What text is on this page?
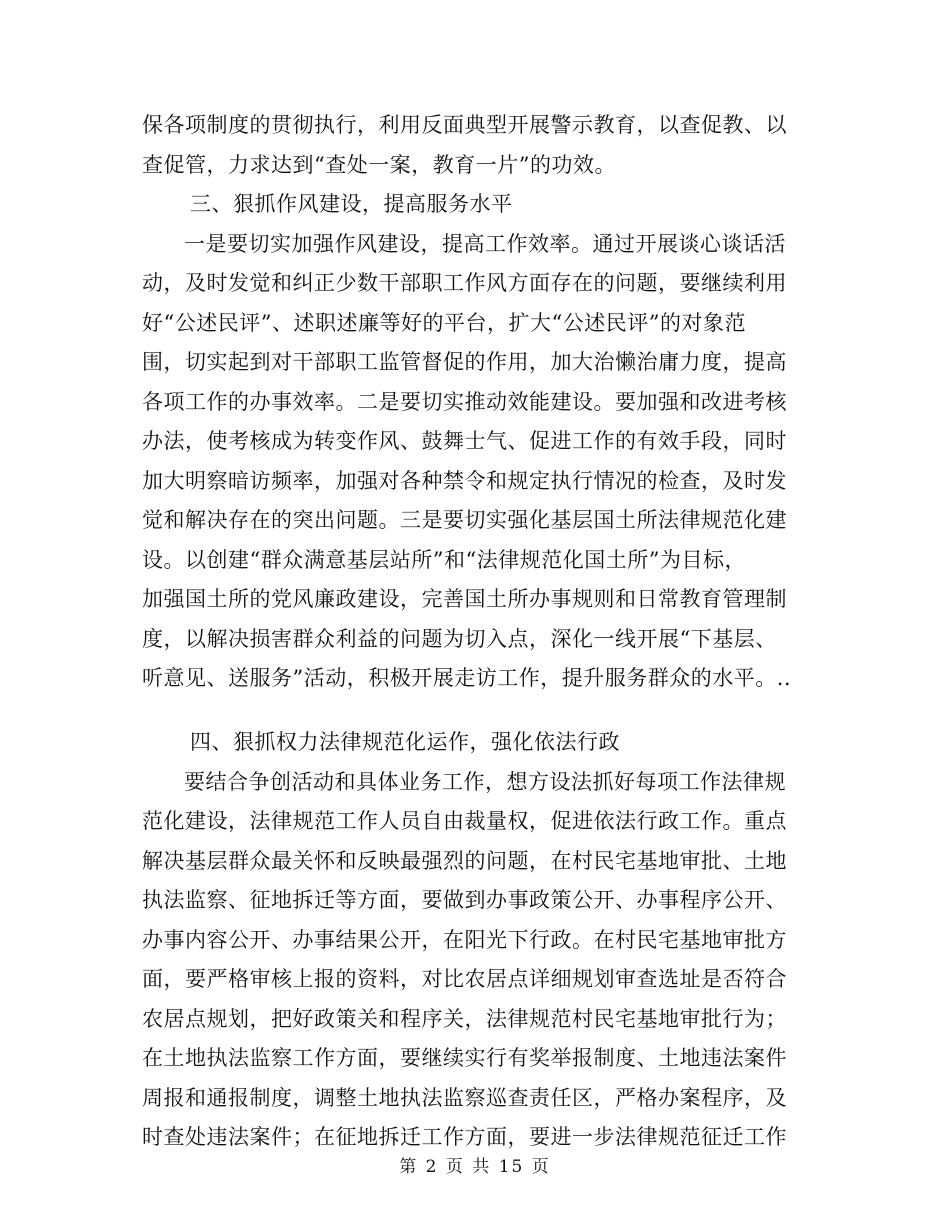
保各项制度的贯彻执行，利用反面典型开展警示教育，以查促教、以
查促管，力求达到“查处一案，教育一片”的功效。
三、狠抓作风建设，提高服务水平
一是要切实加强作风建设，提高工作效率。通过开展谈心谈话活
动，及时发觉和纠正少数干部职工作风方面存在的问题，要继续利用
好“公述民评”、述职述廉等好的平台，扩大“公述民评”的对象范
围，切实起到对干部职工监管督促的作用，加大治懒治庸力度，提高
各项工作的办事效率。二是要切实推动效能建设。要加强和改进考核
办法，使考核成为转变作风、鼓舞士气、促进工作的有效手段，同时
加大明察暗访频率，加强对各种禁令和规定执行情况的检查，及时发
觉和解决存在的突出问题。三是要切实强化基层国土所法律规范化建
设。以创建“群众满意基层站所”和“法律规范化国土所”为目标，
加强国土所的党风廉政建设，完善国土所办事规则和日常教育管理制
度，以解决损害群众利益的问题为切入点，深化一线开展“下基层、
听意见、送服务”活动，积极开展走访工作，提升服务群众的水平。..
四、狠抓权力法律规范化运作，强化依法行政
要结合争创活动和具体业务工作，想方设法抓好每项工作法律规
范化建设，法律规范工作人员自由裁量权，促进依法行政工作。重点
解决基层群众最关怀和反映最强烈的问题，在村民宅基地审批、土地
执法监察、征地拆迁等方面，要做到办事政策公开、办事程序公开、
办事内容公开、办事结果公开，在阳光下行政。在村民宅基地审批方
面，要严格审核上报的资料，对比农居点详细规划审查选址是否符合
农居点规划，把好政策关和程序关，法律规范村民宅基地审批行为；
在土地执法监察工作方面，要继续实行有奖举报制度、土地违法案件
周报和通报制度，调整土地执法监察巡查责任区，严格办案程序，及
时查处违法案件；在征地拆迁工作方面，要进一步法律规范征迁工作
第 2 页 共 15 页
